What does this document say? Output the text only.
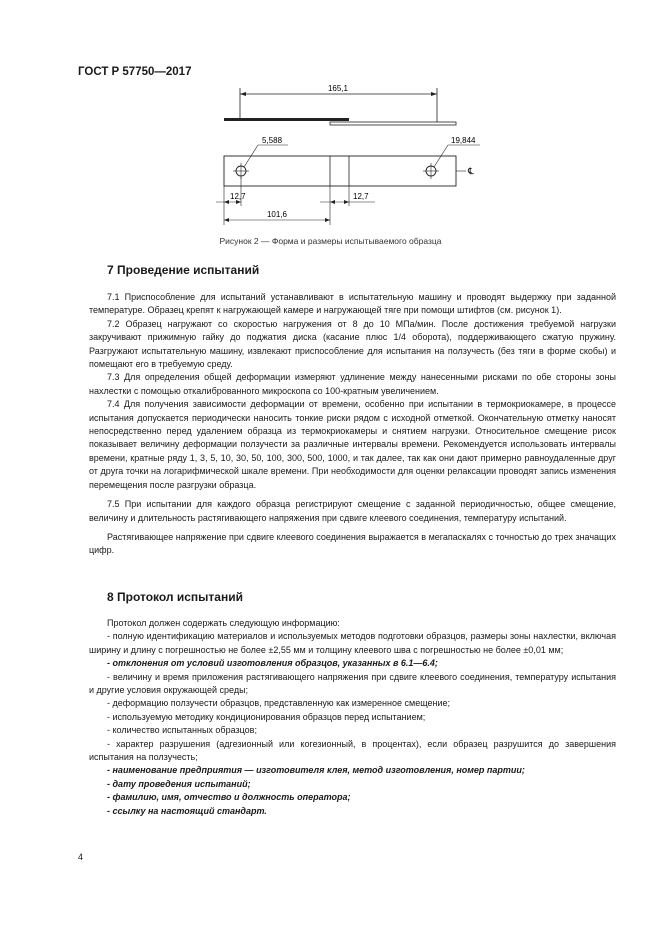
ГОСТ Р 57750—2017
165,1
5,588	19,844
℄
12,7	12,7
101,6
Рисунок 2 — Форма и размеры испытываемого образца
7 Проведение испытаний

7.1 Приспособление для испытаний устанавливают в испытательную машину и проводят выдержку при заданной температуре. Образец крепят к нагружающей камере и нагружающей тяге при помощи штифтов (см. рисунок 1).

7.2 Образец нагружают со скоростью нагружения от 8 до 10 МПа/мин. После достижения требуемой нагрузки закручивают прижимную гайку до поджатия диска (касание плюс 1/4 оборота), поддерживающего сжатую пружину. Разгружают испытательную машину, извлекают приспособление для испытания на ползучесть (без тяги в форме скобы) и помещают его в требуемую среду.

7.3 Для определения общей деформации измеряют удлинение между нанесенными рисками по обе стороны зоны нахлестки с помощью откалиброванного микроскопа со 100-кратным увеличением.

7.4 Для получения зависимости деформации от времени, особенно при испытании в термокриокамере, в процессе испытания допускается периодически наносить тонкие риски рядом с исходной отметкой. Окончательную отметку наносят непосредственно перед удалением образца из термокриокамеры и снятием нагрузки. Относительное смещение рисок показывает величину деформации ползучести за различные интервалы времени. Рекомендуется использовать интервалы времени, кратные ряду 1, 3, 5, 10, 30, 50, 100, 300, 500, 1000, и так далее, так как они дают примерно равноудаленные друг от друга точки на логарифмической шкале времени. При необходимости для оценки релаксации проводят запись изменения перемещения после разгрузки образца.

7.5 При испытании для каждого образца регистрируют смещение с заданной периодичностью, общее смещение, величину и длительность растягивающего напряжения при сдвиге клеевого соединения, температуру испытаний.

Растягивающее напряжение при сдвиге клеевого соединения выражается в мегапаскалях с точностью до трех значащих цифр.

8 Протокол испытаний

Протокол должен содержать следующую информацию:

- полную идентификацию материалов и используемых методов подготовки образцов, размеры зоны нахлестки, включая ширину и длину с погрешностью не более ±2,55 мм и толщину клеевого шва с погрешностью не более ±0,01 мм;

- отклонения от условий изготовления образцов, указанных в 6.1—6.4;

- величину и время приложения растягивающего напряжения при сдвиге клеевого соединения, температуру испытания и другие условия окружающей среды;

- деформацию ползучести образцов, представленную как измеренное смещение;

- используемую методику кондиционирования образцов перед испытанием;

- количество испытанных образцов;

- характер разрушения (адгезионный или когезионный, в процентах), если образец разрушится до завершения испытания на ползучесть;

- наименование предприятия — изготовителя клея, метод изготовления, номер партии;

- дату проведения испытаний;

- фамилию, имя, отчество и должность оператора;

- ссылку на настоящий стандарт.

4
